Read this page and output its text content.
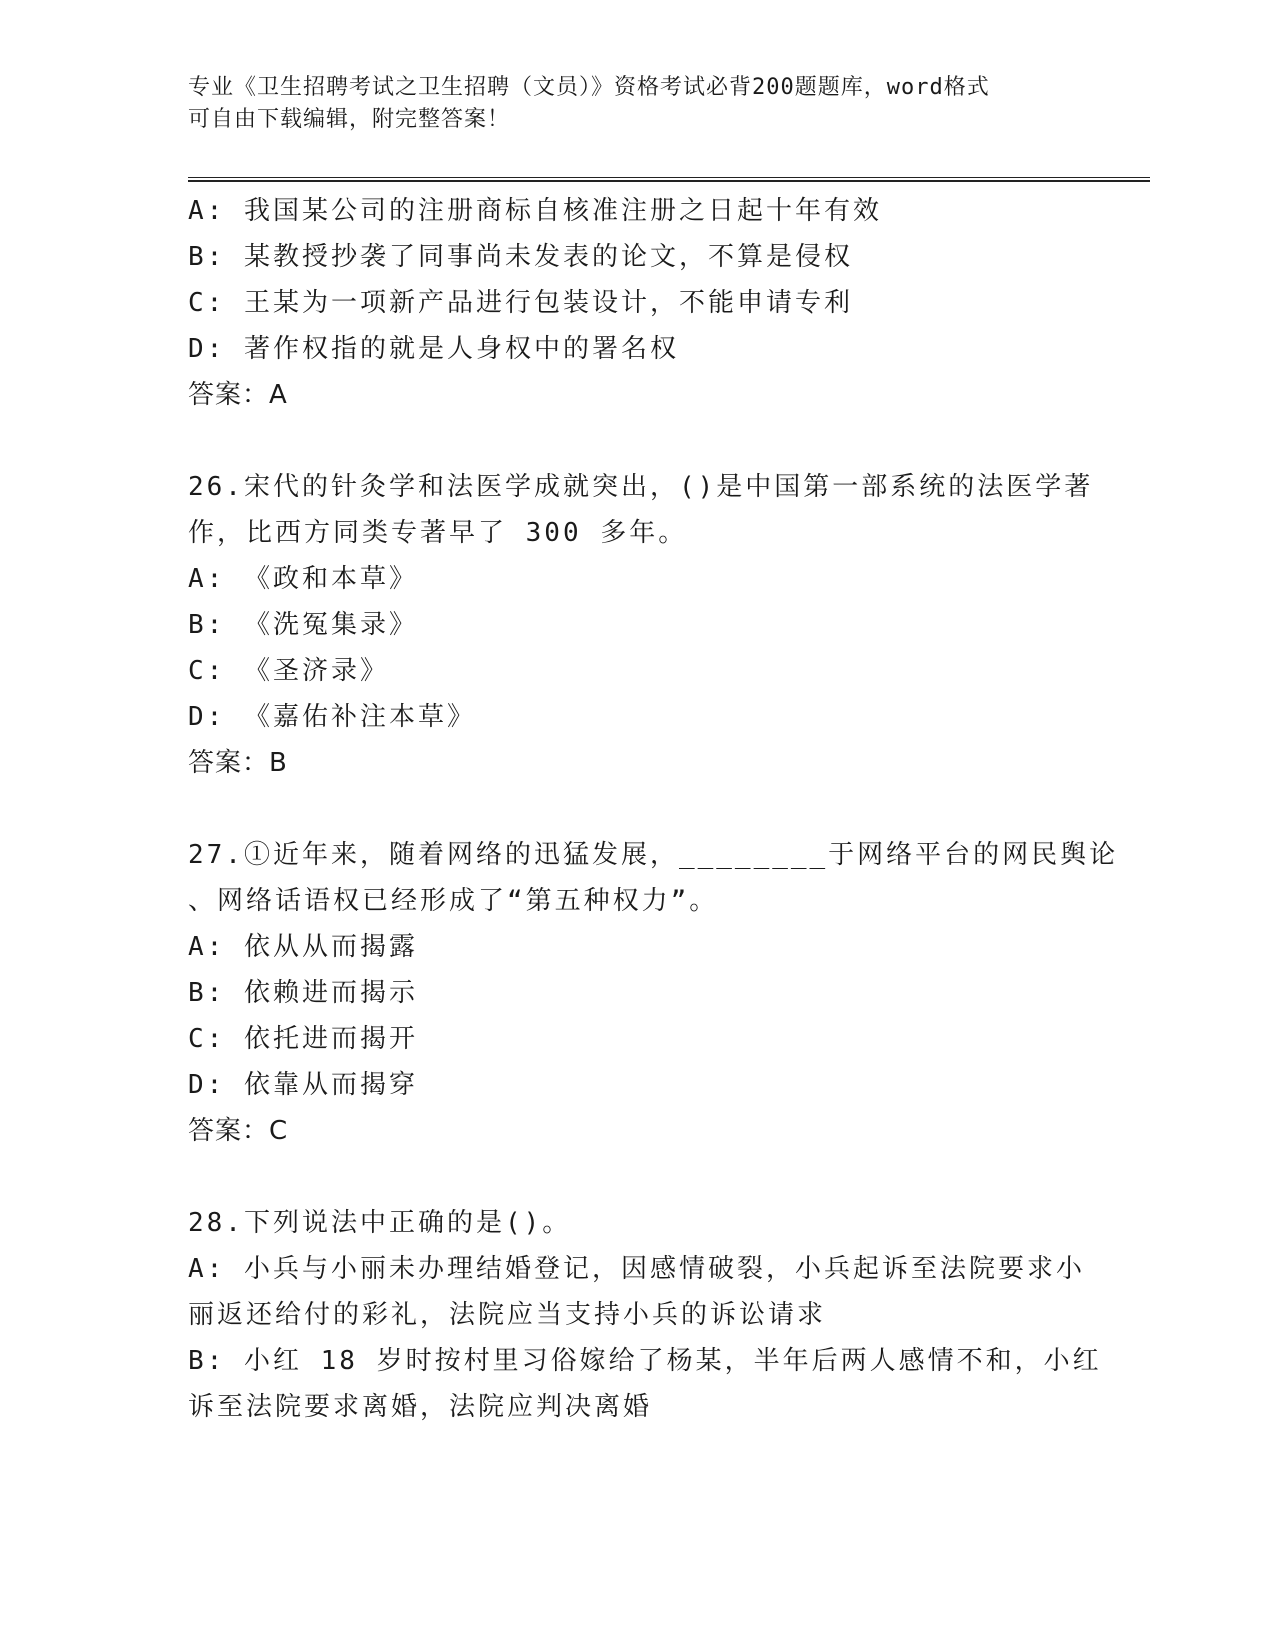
专业《卫生招聘考试之卫生招聘（文员）》资格考试必背200题题库，word格式
可自由下载编辑，附完整答案！
A: 我国某公司的注册商标自核准注册之日起十年有效
B: 某教授抄袭了同事尚未发表的论文，不算是侵权
C: 王某为一项新产品进行包装设计，不能申请专利
D: 著作权指的就是人身权中的署名权
答案：A
26.宋代的针灸学和法医学成就突出，()是中国第一部系统的法医学著
作，比西方同类专著早了 300 多年。
A: 《政和本草》
B: 《洗冤集录》
C: 《圣济录》
D: 《嘉佑补注本草》
答案：B
27.①近年来，随着网络的迅猛发展，________于网络平台的网民舆论
、网络话语权已经形成了“第五种权力”。
A: 依从从而揭露
B: 依赖进而揭示
C: 依托进而揭开
D: 依靠从而揭穿
答案：C
28.下列说法中正确的是()。
A: 小兵与小丽未办理结婚登记，因感情破裂，小兵起诉至法院要求小
丽返还给付的彩礼，法院应当支持小兵的诉讼请求
B: 小红 18 岁时按村里习俗嫁给了杨某，半年后两人感情不和，小红
诉至法院要求离婚，法院应判决离婚
